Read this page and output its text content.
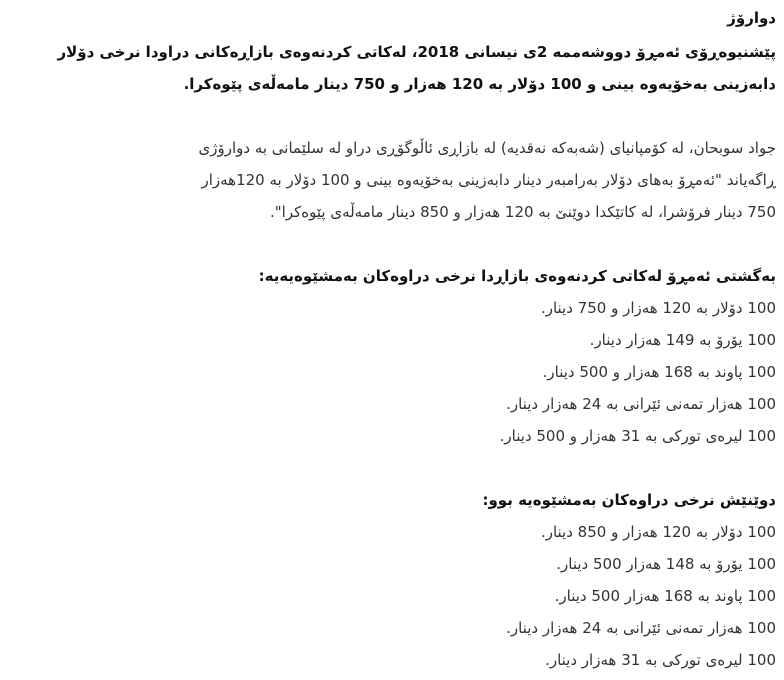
دوارۆژ
پێشنیوەڕۆی ئەمڕۆ دووشەممە 2ی نیسانی 2018، لەکاتی کردنەوەی بازاڕەکانی دراودا نرخی دۆلار
دابەزینی بەخۆیەوە بینی و 100 دۆلار بە 120 هەزار و 750 دینار مامەڵەی پێوەکرا.
جواد سوبحان، لە کۆمپانیای (شەبەکە نەقدیە) لە بازاڕی ئاڵوگۆڕی دراو لە سلێمانی بە دوارۆژی
ڕاگەیاند "ئەمڕۆ بەهای دۆلار بەرامبەر دینار دابەزینی بەخۆیەوە بینی و 100 دۆلار بە 120هەزار
750 دینار فرۆشرا، لە کاتێکدا دوێنێ بە 120 هەزار و 850 دینار مامەڵەی پێوەکرا".
بەگشتی ئەمڕۆ لەکاتی کردنەوەی بازاڕدا نرخی دراوەکان بەمشێوەیەیە:
100 دۆلار بە 120 هەزار و 750 دینار.
100 یۆرۆ بە 149 هەزار دینار.
100 پاوند بە 168 هەزار و 500 دینار.
100 هەزار تمەنی ئێرانی بە 24 هەزار دینار.
100 لیرەی تورکی بە 31 هەزار و 500 دینار.
دوێنێش نرخی دراوەکان بەمشێوەیە بوو:
100 دۆلار بە 120 هەزار و 850 دینار.
100 یۆرۆ بە 148 هەزار 500 دینار.
100 پاوند بە 168 هەزار 500 دینار.
100 هەزار تمەنی ئێرانی بە 24 هەزار دینار.
100 لیرەی تورکی بە 31 هەزار دینار.
